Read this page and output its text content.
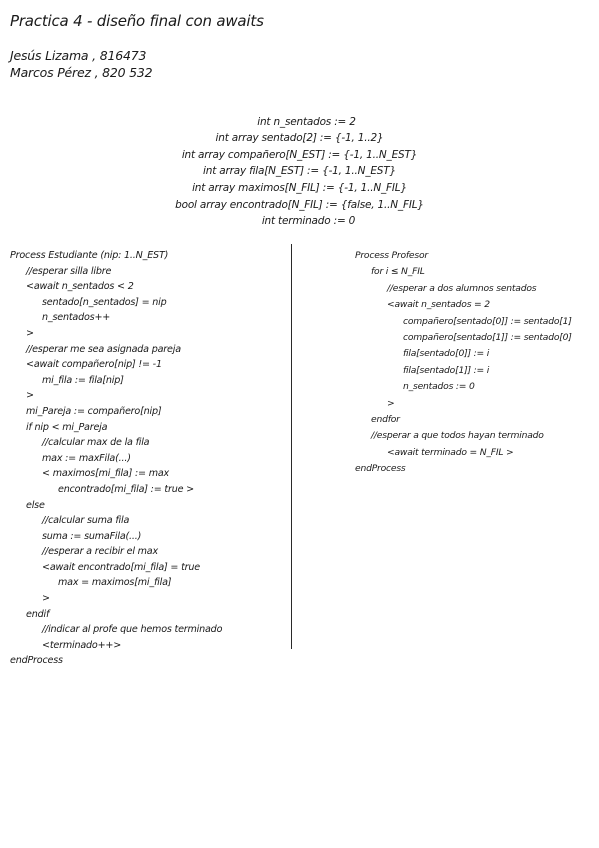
Practica 4 - diseño final con awaits
Jesús Lizama , 816473
Marcos Pérez , 820 532
int n_sentados := 2
int array sentado[2] := {-1, 1..2}
int array compañero[N_EST] := {-1, 1..N_EST}
int array fila[N_EST] := {-1, 1..N_EST}
int array maximos[N_FIL] := {-1, 1..N_FIL}
bool array encontrado[N_FIL] := {false, 1..N_FIL}
int terminado := 0
Process Estudiante (nip: 1..N_EST)
//esperar silla libre
<await n_sentados < 2
sentado[n_sentados] = nip
n_sentados++
>
//esperar me sea asignada pareja
<await compañero[nip] != -1
mi_fila := fila[nip]
>
mi_Pareja := compañero[nip]
if nip < mi_Pareja
//calcular max de la fila
max := maxFila(...)
< maximos[mi_fila] := max
encontrado[mi_fila] := true >
else
//calcular suma fila
suma := sumaFila(...)
//esperar a recibir el max
<await encontrado[mi_fila] = true
max = maximos[mi_fila]
>
endif
//indicar al profe que hemos terminado
<terminado++>
endProcess
Process Profesor
for i ≤ N_FIL
//esperar a dos alumnos sentados
<await n_sentados = 2
compañero[sentado[0]] := sentado[1]
compañero[sentado[1]] := sentado[0]
fila[sentado[0]] := i
fila[sentado[1]] := i
n_sentados := 0
>
endfor
//esperar a que todos hayan terminado
<await terminado = N_FIL >
endProcess
